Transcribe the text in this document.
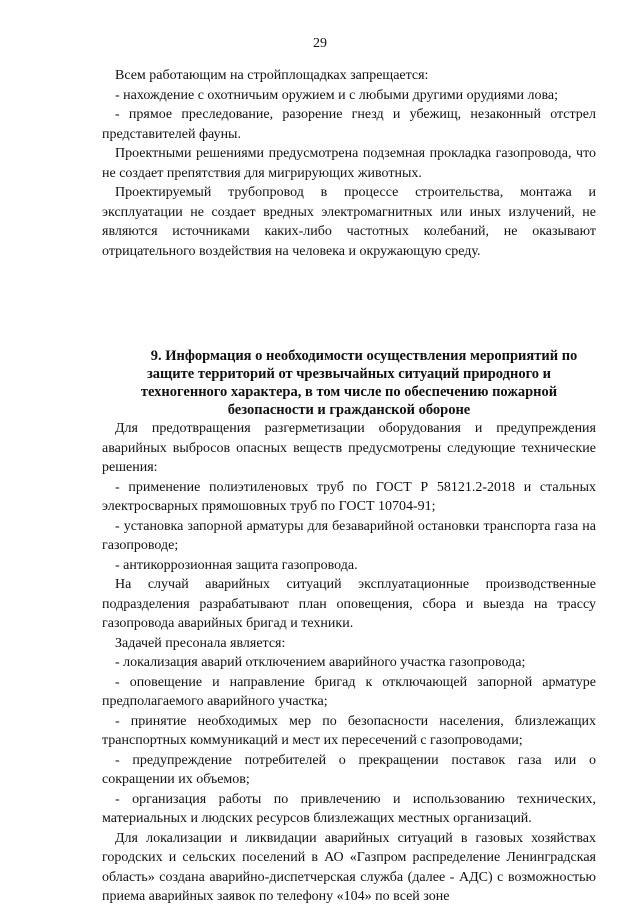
29

Всем работающим на стройплощадках запрещается:

- нахождение с охотничьим оружием и с любыми другими орудиями лова;

- прямое преследование, разорение гнезд и убежищ, незаконный отстрел представителей фауны.

Проектными решениями предусмотрена подземная прокладка газопровода, что не создает препятствия для мигрирующих животных.

Проектируемый трубопровод в процессе строительства, монтажа и эксплуатации не создает вредных электромагнитных или иных излучений, не являются источниками каких-либо частотных колебаний, не оказывают отрицательного воздействия на человека и окружающую среду.

9. Информация о необходимости осуществления мероприятий по
защите территорий от чрезвычайных ситуаций природного и техногенного характера, в том числе по обеспечению пожарной безопасности и гражданской обороне

Для предотвращения разгерметизации оборудования и предупреждения аварийных выбросов опасных веществ предусмотрены следующие технические решения:

- применение полиэтиленовых труб по ГОСТ Р 58121.2-2018 и стальных электросварных прямошовных труб по ГОСТ 10704-91;

- установка запорной арматуры для безаварийной остановки транспорта газа на газопроводе;

- антикоррозионная защита газопровода.

На случай аварийных ситуаций эксплуатационные производственные подразделения разрабатывают план оповещения, сбора и выезда на трассу газопровода аварийных бригад и техники.

Задачей пресонала является:

- локализация аварий отключением аварийного участка газопровода;

- оповещение и направление бригад к отключающей запорной арматуре предполагаемого аварийного участка;

- принятие необходимых мер по безопасности населения, близлежащих транспортных коммуникаций и мест их пересечений с газопроводами;

- предупреждение потребителей о прекращении поставок газа или о сокращении их объемов;

- организация работы по привлечению и использованию технических, материальных и людских ресурсов близлежащих местных организаций.

Для локализации и ликвидации аварийных ситуаций в газовых хозяйствах городских и сельских поселений в АО «Газпром распределение Ленинградская область» создана аварийно-диспетчерская служба (далее - АДС) с возможностью приема аварийных заявок по телефону «104» по всей зоне
